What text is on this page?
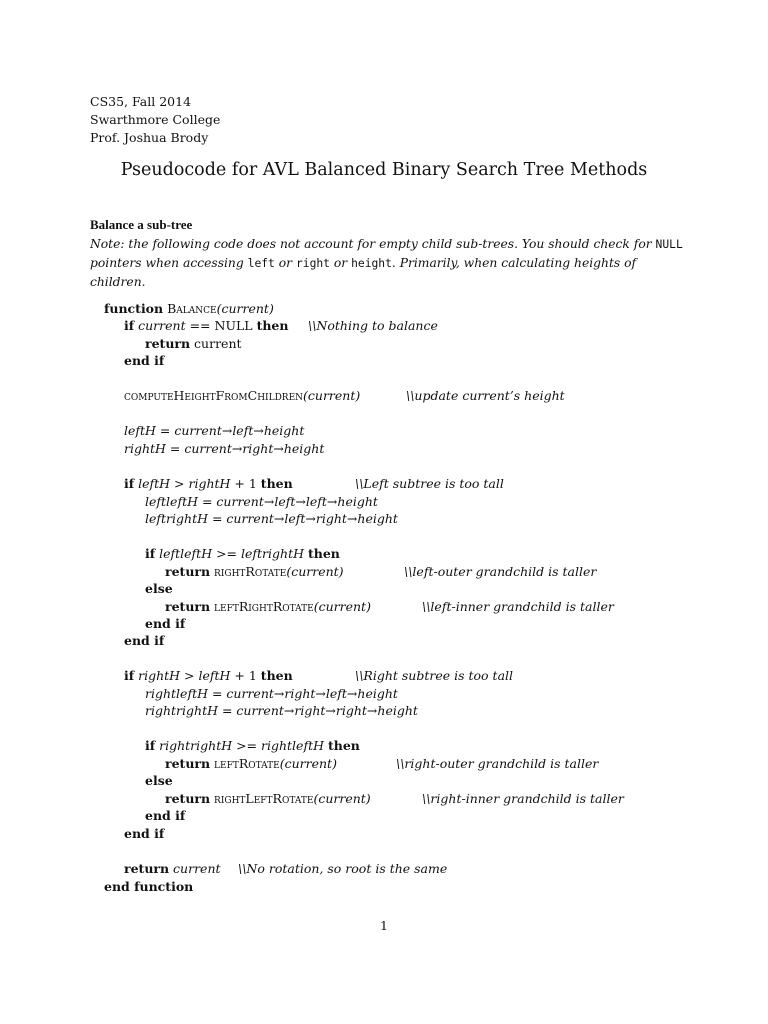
CS35, Fall 2014
Swarthmore College
Prof. Joshua Brody
Pseudocode for AVL Balanced Binary Search Tree Methods
Balance a sub-tree
Note: the following code does not account for empty child sub-trees. You should check for NULL
pointers when accessing left or right or height. Primarily, when calculating heights of children.
function Balance(current)
if current == NULL then \\Nothing to balance
return current
end if
computeHeightFromChildren(current)	\\update current’s height
leftH = current→left→height
rightH = current→right→height
if leftH > rightH + 1 then	\\Left subtree is too tall
leftleftH = current→left→left→height
leftrightH = current→left→right→height
if leftleftH >= leftrightH then
return rightRotate(current)	\\left-outer grandchild is taller
else
return leftRightRotate(current)	\\left-inner grandchild is taller
end if
end if
if rightH > leftH + 1 then	\\Right subtree is too tall
rightleftH = current→right→left→height
rightrightH = current→right→right→height
if rightrightH >= rightleftH then
return leftRotate(current)	\\right-outer grandchild is taller
else
return rightLeftRotate(current)	\\right-inner grandchild is taller
end if
end if
return current \\No rotation, so root is the same
end function
1
